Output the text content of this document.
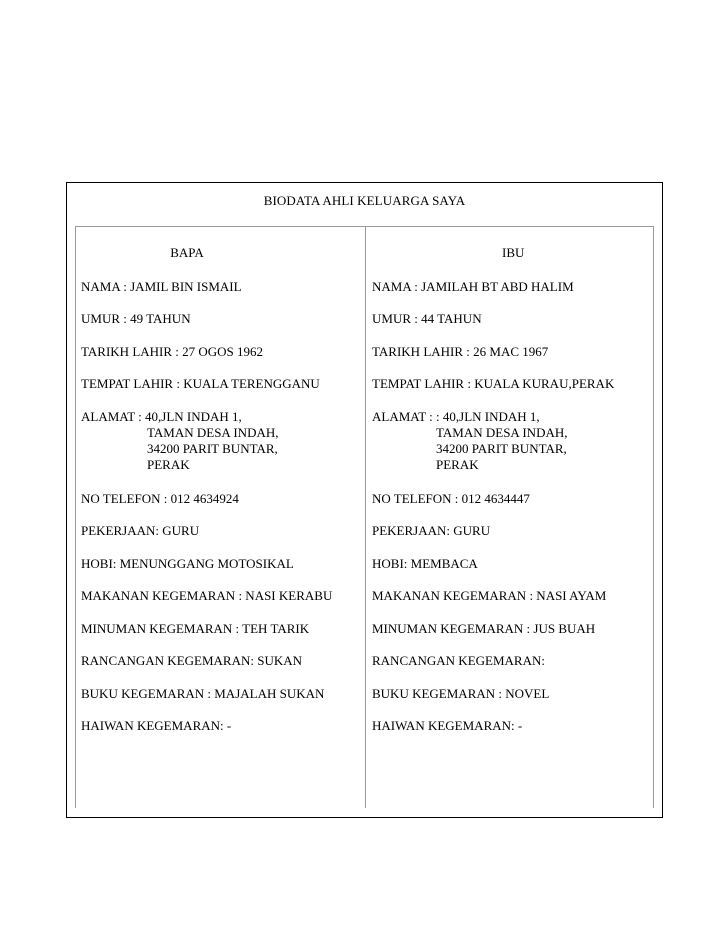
BIODATA AHLI KELUARGA SAYA
BAPA
NAMA : JAMIL BIN ISMAIL
UMUR : 49 TAHUN
TARIKH LAHIR : 27 OGOS 1962
TEMPAT LAHIR : KUALA TERENGGANU
ALAMAT : 40,JLN INDAH 1,
TAMAN DESA INDAH,
34200 PARIT BUNTAR,
PERAK
NO TELEFON : 012 4634924
PEKERJAAN: GURU
HOBI: MENUNGGANG MOTOSIKAL
MAKANAN KEGEMARAN : NASI KERABU
MINUMAN KEGEMARAN : TEH TARIK
RANCANGAN KEGEMARAN: SUKAN
BUKU KEGEMARAN : MAJALAH SUKAN
HAIWAN KEGEMARAN: -
IBU
NAMA : JAMILAH BT ABD HALIM
UMUR : 44 TAHUN
TARIKH LAHIR : 26 MAC 1967
TEMPAT LAHIR : KUALA KURAU,PERAK
ALAMAT : : 40,JLN INDAH 1,
TAMAN DESA INDAH,
34200 PARIT BUNTAR,
PERAK
NO TELEFON : 012 4634447
PEKERJAAN: GURU
HOBI: MEMBACA
MAKANAN KEGEMARAN : NASI AYAM
MINUMAN KEGEMARAN : JUS BUAH
RANCANGAN KEGEMARAN:
BUKU KEGEMARAN : NOVEL
HAIWAN KEGEMARAN: -
